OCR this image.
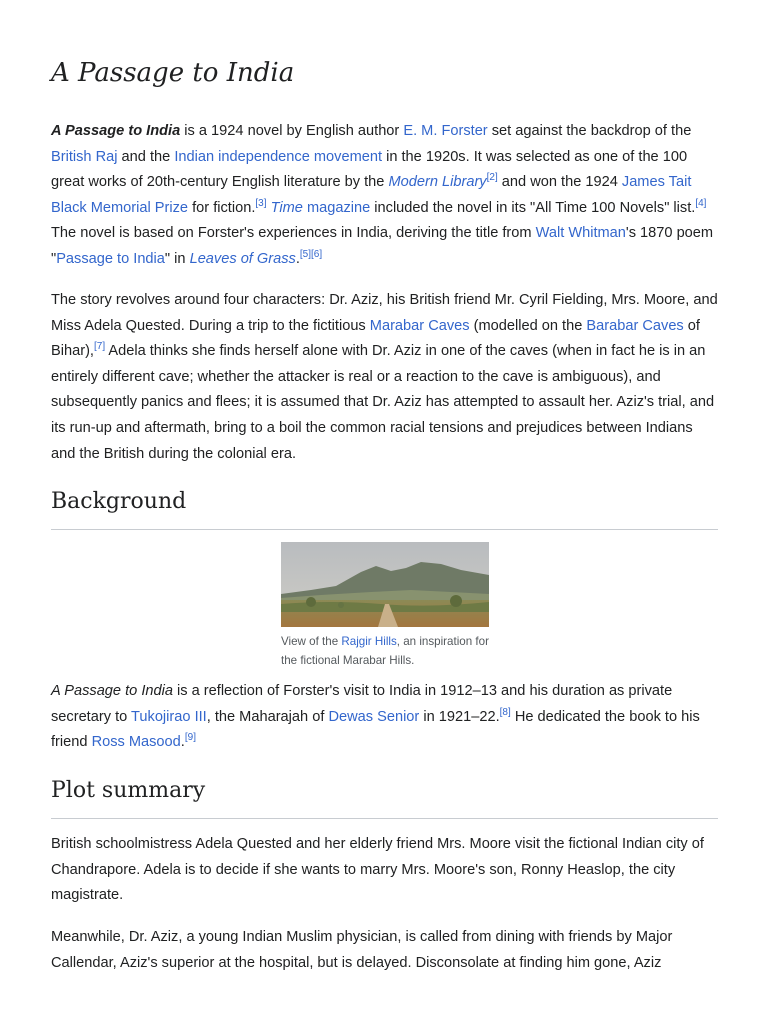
A Passage to India

A Passage to India is a 1924 novel by English author E. M. Forster set against the backdrop of the British Raj and the Indian independence movement in the 1920s. It was selected as one of the 100 great works of 20th-century English literature by the Modern Library[2] and won the 1924 James Tait Black Memorial Prize for fiction.[3] Time magazine included the novel in its "All Time 100 Novels" list.[4] The novel is based on Forster's experiences in India, deriving the title from Walt Whitman's 1870 poem "Passage to India" in Leaves of Grass.[5][6]

The story revolves around four characters: Dr. Aziz, his British friend Mr. Cyril Fielding, Mrs. Moore, and Miss Adela Quested. During a trip to the fictitious Marabar Caves (modelled on the Barabar Caves of Bihar),[7] Adela thinks she finds herself alone with Dr. Aziz in one of the caves (when in fact he is in an entirely different cave; whether the attacker is real or a reaction to the cave is ambiguous), and subsequently panics and flees; it is assumed that Dr. Aziz has attempted to assault her. Aziz's trial, and its run-up and aftermath, bring to a boil the common racial tensions and prejudices between Indians and the British during the colonial era.

Background
View of the Rajgir Hills, an inspiration for the fictional Marabar Hills.

A Passage to India is a reflection of Forster's visit to India in 1912–13 and his duration as private secretary to Tukojirao III, the Maharajah of Dewas Senior in 1921–22.[8] He dedicated the book to his friend Ross Masood.[9]

Plot summary

British schoolmistress Adela Quested and her elderly friend Mrs. Moore visit the fictional Indian city of Chandrapore. Adela is to decide if she wants to marry Mrs. Moore's son, Ronny Heaslop, the city magistrate.

Meanwhile, Dr. Aziz, a young Indian Muslim physician, is called from dining with friends by Major Callendar, Aziz's superior at the hospital, but is delayed. Disconsolate at finding him gone, Aziz
